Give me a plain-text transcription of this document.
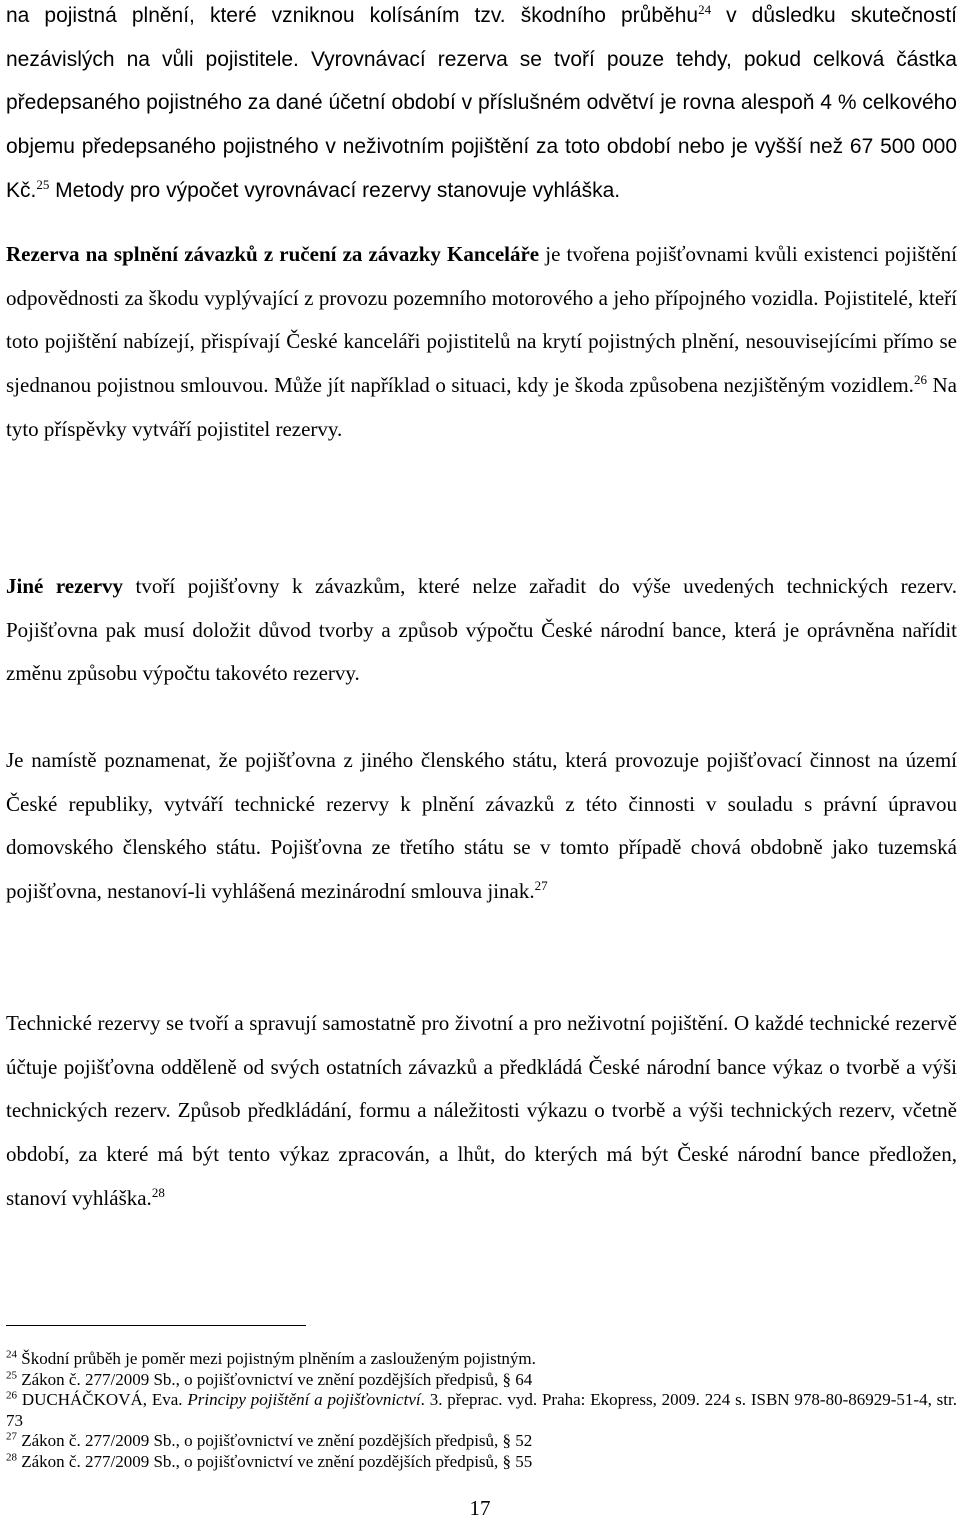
na pojistná plnění, které vzniknou kolísáním tzv. škodního průběhu$^{24}$ v důsledku skutečností nezávislých na vůli pojistitele. Vyrovnávací rezerva se tvoří pouze tehdy, pokud celková částka předepsaného pojistného za dané účetní období v příslušném odvětví je rovna alespoň 4 % celkového objemu předepsaného pojistného v neživotním pojištění za toto období nebo je vyšší než 67 500 000 Kč.$^{25}$ Metody pro výpočet vyrovnávací rezervy stanovuje vyhláška.

Rezerva na splnění závazků z ručení za závazky Kanceláře je tvořena pojišťovnami kvůli existenci pojištění odpovědnosti za škodu vyplývající z provozu pozemního motorového a jeho přípojného vozidla. Pojistitelé, kteří toto pojištění nabízejí, přispívají České kanceláři pojistitelů na krytí pojistných plnění, nesouvisejícími přímo se sjednanou pojistnou smlouvou. Může jít například o situaci, kdy je škoda způsobena nezjištěným vozidlem.$^{26}$ Na tyto příspěvky vytváří pojistitel rezervy.

Jiné rezervy tvoří pojišťovny k závazkům, které nelze zařadit do výše uvedených technických rezerv. Pojišťovna pak musí doložit důvod tvorby a způsob výpočtu České národní bance, která je oprávněna nařídit změnu způsobu výpočtu takovéto rezervy.

Je namístě poznamenat, že pojišťovna z jiného členského státu, která provozuje pojišťovací činnost na území České republiky, vytváří technické rezervy k plnění závazků z této činnosti v souladu s právní úpravou domovského členského státu. Pojišťovna ze třetího státu se v tomto případě chová obdobně jako tuzemská pojišťovna, nestanoví-li vyhlášená mezinárodní smlouva jinak.$^{27}$

Technické rezervy se tvoří a spravují samostatně pro životní a pro neživotní pojištění. O každé technické rezervě účtuje pojišťovna odděleně od svých ostatních závazků a předkládá České národní bance výkaz o tvorbě a výši technických rezerv. Způsob předkládání, formu a náležitosti výkazu o tvorbě a výši technických rezerv, včetně období, za které má být tento výkaz zpracován, a lhůt, do kterých má být České národní bance předložen, stanoví vyhláška.$^{28}$

$^{24}$ Škodní průběh je poměr mezi pojistným plněním a zaslouženým pojistným.

$^{25}$ Zákon č. 277/2009 Sb., o pojišťovnictví ve znění pozdějších předpisů, § 64

$^{26}$ DUCHÁČKOVÁ, Eva. Principy pojištění a pojišťovnictví. 3. přeprac. vyd. Praha: Ekopress, 2009. 224 s. ISBN 978-80-86929-51-4, str. 73

$^{27}$ Zákon č. 277/2009 Sb., o pojišťovnictví ve znění pozdějších předpisů, § 52

$^{28}$ Zákon č. 277/2009 Sb., o pojišťovnictví ve znění pozdějších předpisů, § 55

17
